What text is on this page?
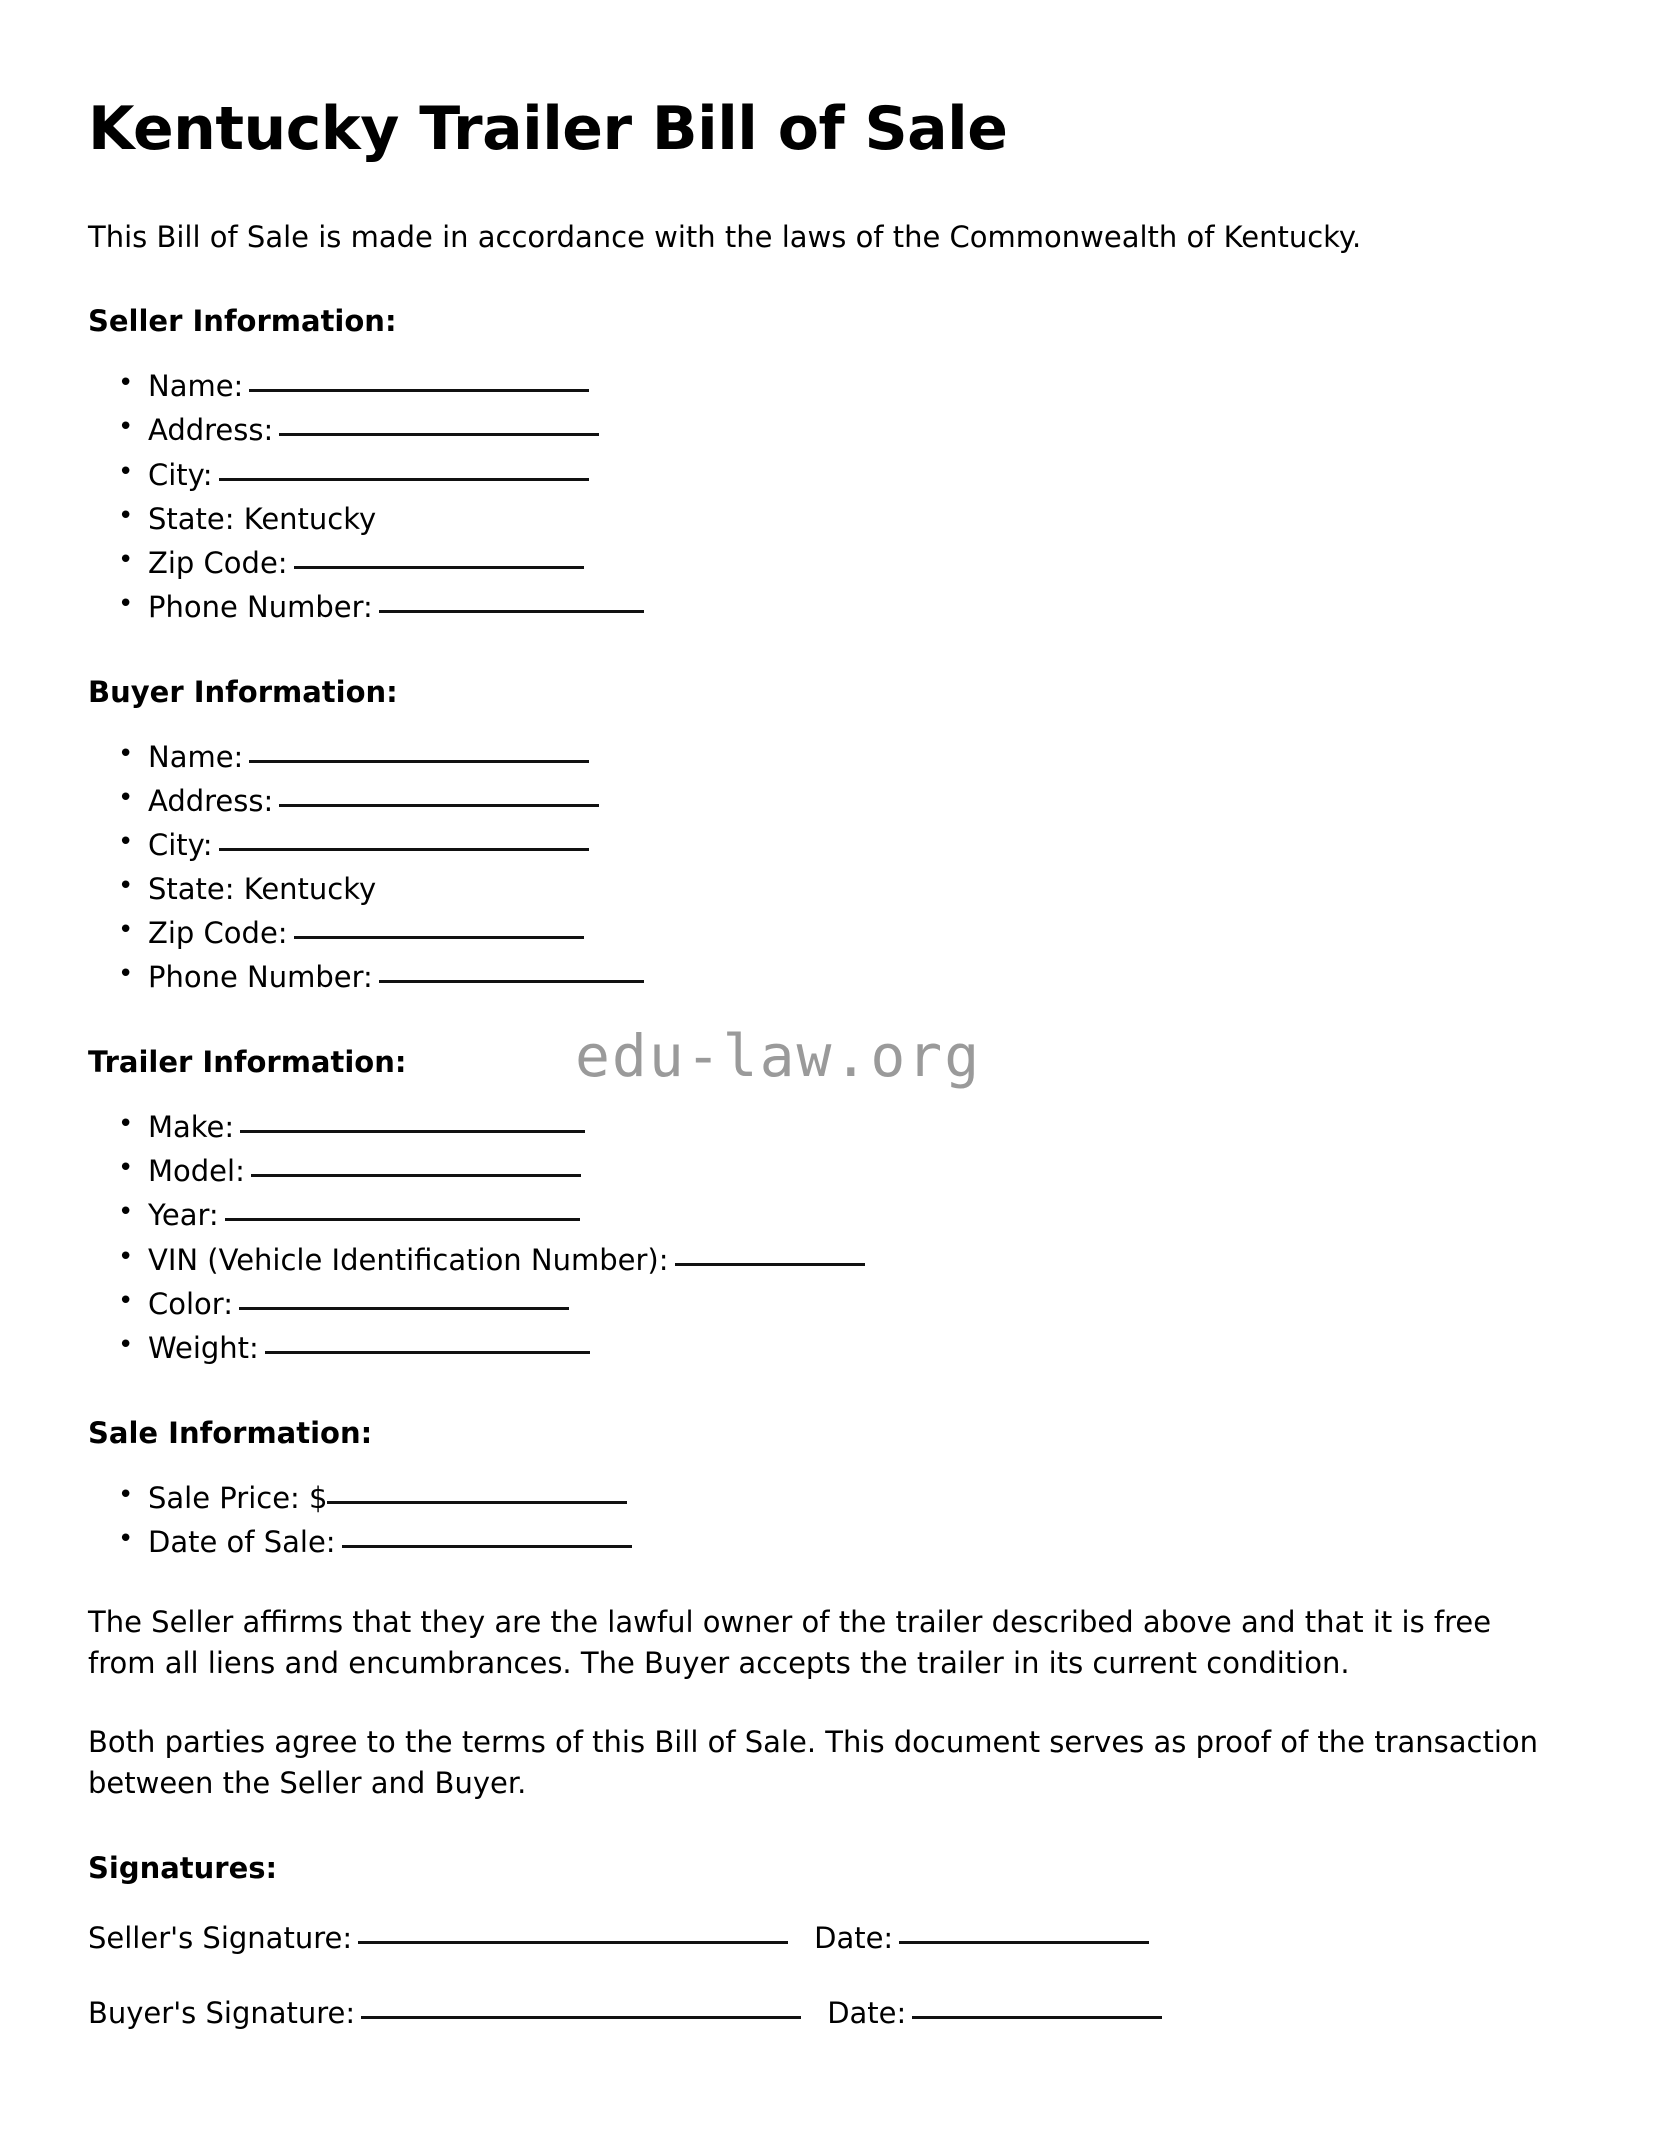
edu-law.org
Kentucky Trailer Bill of Sale

This Bill of Sale is made in accordance with the laws of the Commonwealth of Kentucky.

Seller Information:
• Name:
• Address:
• City:
• State: Kentucky
• Zip Code:
• Phone Number:
Buyer Information:
• Name:
• Address:
• City:
• State: Kentucky
• Zip Code:
• Phone Number:
Trailer Information:
• Make:
• Model:
• Year:
• VIN (Vehicle Identification Number):
• Color:
• Weight:
Sale Information:
• Sale Price: $
• Date of Sale:

The Seller affirms that they are the lawful owner of the trailer described above and that it is free from all liens and encumbrances. The Buyer accepts the trailer in its current condition.

Both parties agree to the terms of this Bill of Sale. This document serves as proof of the transaction between the Seller and Buyer.

Signatures:
Seller's Signature:	Date:
Buyer's Signature:	Date:
